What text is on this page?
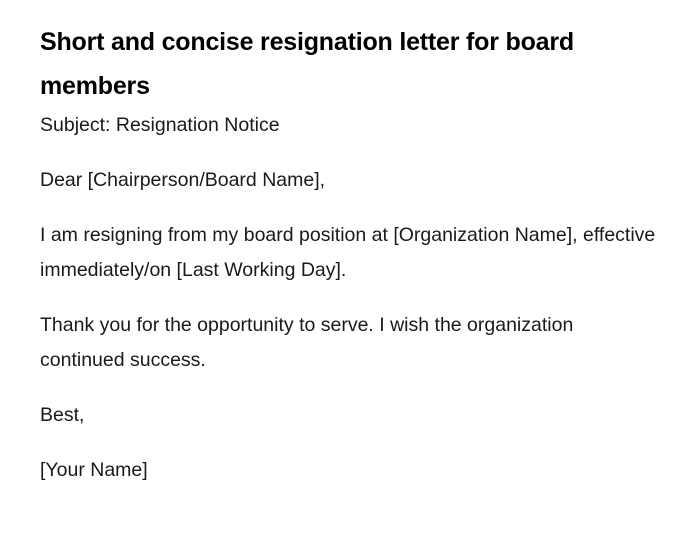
Short and concise resignation letter for board members

Subject: Resignation Notice

Dear [Chairperson/Board Name],

I am resigning from my board position at [Organization Name], effective immediately/on [Last Working Day].

Thank you for the opportunity to serve. I wish the organization continued success.

Best,

[Your Name]
